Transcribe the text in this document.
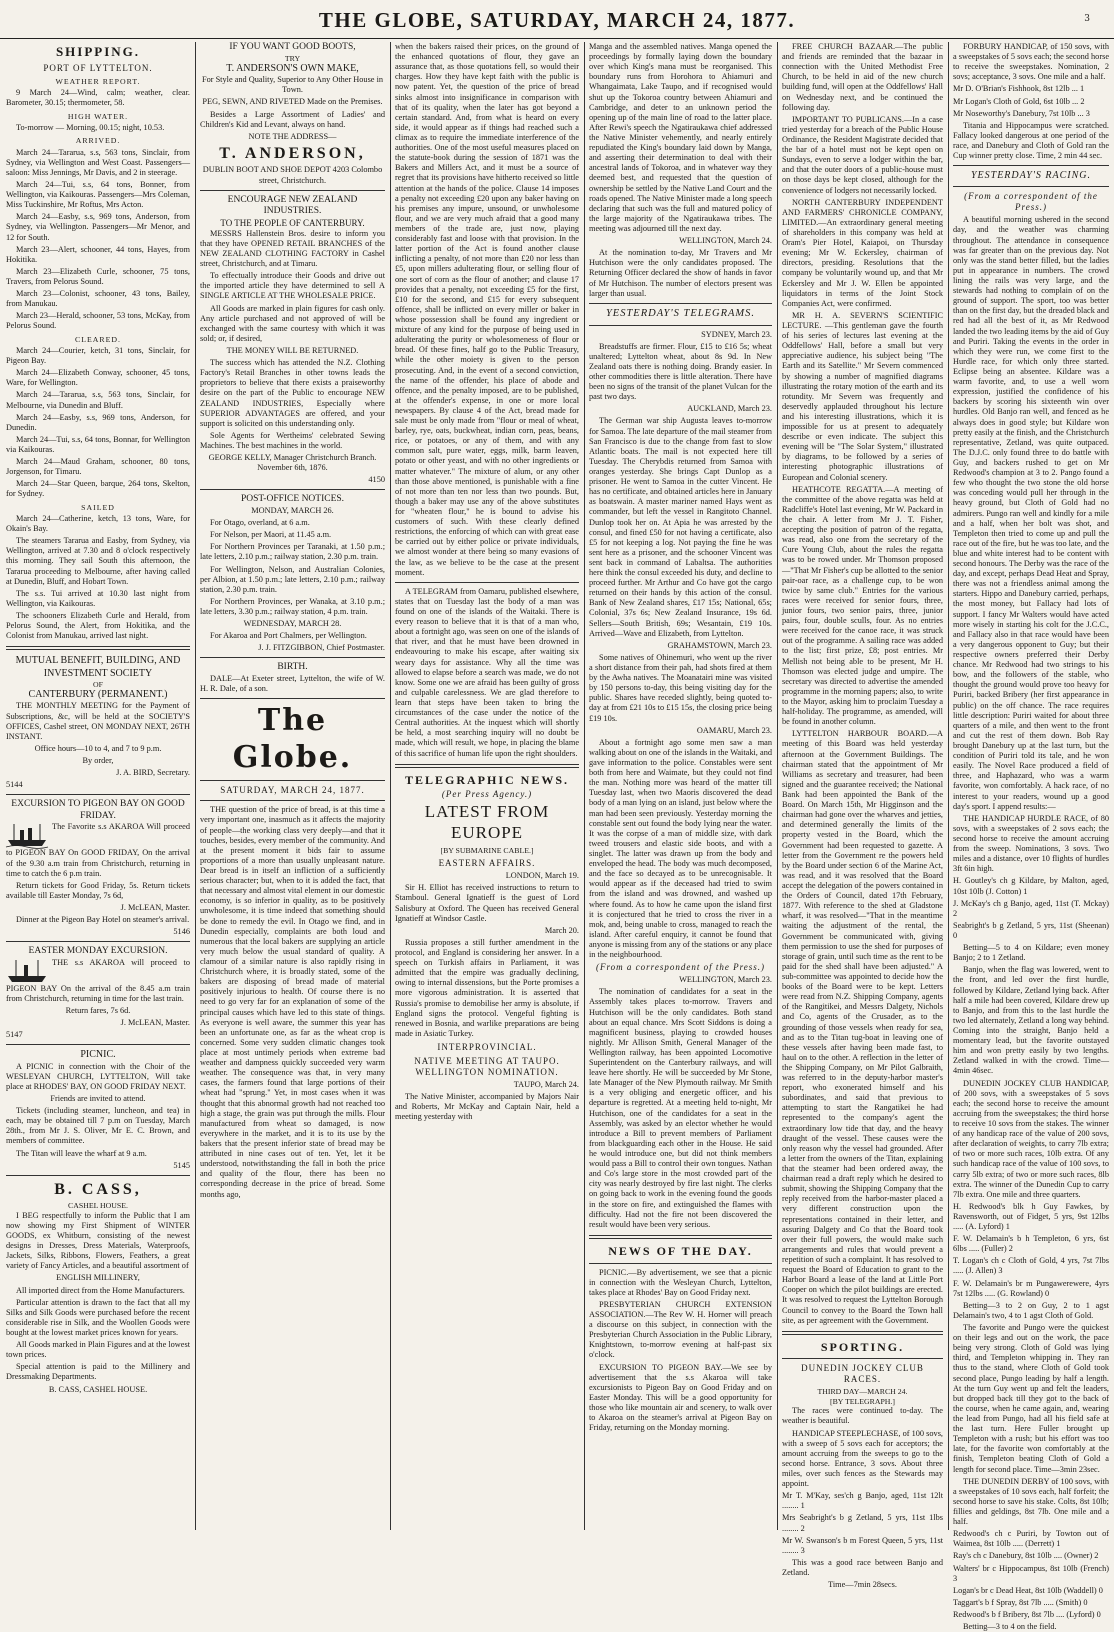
THE GLOBE, SATURDAY, MARCH 24, 1877.	3
SHIPPING.
PORT OF LYTTELTON.
WEATHER REPORT.

9 March 24—Wind, calm; weather, clear. Barometer, 30.15; thermometer, 58.

HIGH WATER.

To-morrow — Morning, 00.15; night, 10.53.

ARRIVED.

March 24—Tararua, s.s, 563 tons, Sinclair, from Sydney, via Wellington and West Coast. Passengers—saloon: Miss Jennings, Mr Davis, and 2 in steerage.

March 24—Tui, s.s, 64 tons, Bonner, from Wellington, via Kaikouras. Passengers—Mrs Coleman, Miss Tuckinshire, Mr Roftus, Mrs Acton.

March 24—Easby, s.s, 969 tons, Anderson, from Sydney, via Wellington. Passengers—Mr Menor, and 12 for South.

March 23—Alert, schooner, 44 tons, Hayes, from Hokitika.

March 23—Elizabeth Curle, schooner, 75 tons, Travers, from Pelorus Sound.

March 23—Colonist, schooner, 43 tons, Bailey, from Manukau.

March 23—Herald, schooner, 53 tons, McKay, from Pelorus Sound.

CLEARED.

March 24—Courier, ketch, 31 tons, Sinclair, for Pigeon Bay.

March 24—Elizabeth Conway, schooner, 45 tons, Ware, for Wellington.

March 24—Tararua, s.s, 563 tons, Sinclair, for Melbourne, via Dunedin and Bluff.

March 24—Easby, s.s, 969 tons, Anderson, for Dunedin.

March 24—Tui, s.s, 64 tons, Bonnar, for Wellington via Kaikouras.

March 24—Maud Graham, schooner, 80 tons, Jorgenson, for Timaru.

March 24—Star Queen, barque, 264 tons, Skelton, for Sydney.

SAILED

March 24—Catherine, ketch, 13 tons, Ware, for Okain's Bay.

The steamers Tararua and Easby, from Sydney, via Wellington, arrived at 7.30 and 8 o'clock respectively this morning. They sail South this afternoon, the Tararua proceeding to Melbourne, after having called at Dunedin, Bluff, and Hobart Town.

The s.s. Tui arrived at 10.30 last night from Wellington, via Kaikouras.

The schooners Elizabeth Curle and Herald, from Pelorus Sound, the Alert, from Hokitika, and the Colonist from Manukau, arrived last night.

MUTUAL BENEFIT, BUILDING, AND INVESTMENT SOCIETY
OF
CANTERBURY (PERMANENT.)

THE MONTHLY MEETING for the Payment of Subscriptions, &c, will be held at the SOCIETY'S OFFICES, Cashel street, ON MONDAY NEXT, 26TH INSTANT.

Office hours—10 to 4, and 7 to 9 p.m.

By order,

J. A. BIRD, Secretary.

5144

EXCURSION TO PIGEON BAY ON GOOD FRIDAY.

The Favorite s.s AKAROA Will proceed to PIGEON BAY On GOOD FRIDAY, On the arrival of the 9.30 a.m train from Christchurch, returning in time to catch the 6 p.m train.

Return tickets for Good Friday, 5s. Return tickets available till Easter Monday, 7s 6d,

J. McLEAN, Master.

Dinner at the Pigeon Bay Hotel on steamer's arrival.

5146

EASTER MONDAY EXCURSION.

THE s.s AKAROA will proceed to PIGEON BAY On the arrival of the 8.45 a.m train from Christchurch, returning in time for the last train.

Return fares, 7s 6d.

J. McLEAN, Master.

5147

PICNIC.

A PICNIC in connection with the Choir of the WESLEYAN CHURCH, LYTTELTON, Will take place at RHODES' BAY, ON GOOD FRIDAY NEXT.

Friends are invited to attend.

Tickets (including steamer, luncheon, and tea) in each, may be obtained till 7 p.m on Tuesday, March 28th., from Mr J. S. Oliver, Mr E. C. Brown, and members of committee.

The Titan will leave the wharf at 9 a.m.

5145

B. CASS,
CASHEL HOUSE.

I BEG respectfully to inform the Public that I am now showing my First Shipment of WINTER GOODS, ex Whitburn, consisting of the newest designs in Dresses, Dress Materials, Waterproofs, Jackets, Silks, Ribbons, Flowers, Feathers, a great variety of Fancy Articles, and a beautiful assortment of

ENGLISH MILLINERY,

All imported direct from the Home Manufacturers.

Particular attention is drawn to the fact that all my Silks and Silk Goods were purchased before the recent considerable rise in Silk, and the Woollen Goods were bought at the lowest market prices known for years.

All Goods marked in Plain Figures and at the lowest town prices.

Special attention is paid to the Millinery and Dressmaking Departments.

B. CASS, CASHEL HOUSE.

IF YOU WANT GOOD BOOTS,
TRY
T. ANDERSON'S OWN MAKE,

For Style and Quality, Superior to Any Other House in Town.

PEG, SEWN, AND RIVETED Made on the Premises.

Besides a Large Assortment of Ladies' and Children's Kid and Levant, always on hand.

NOTE THE ADDRESS—

T. ANDERSON,

DUBLIN BOOT AND SHOE DEPOT 4203 Colombo street, Christchurch.

ENCOURAGE NEW ZEALAND INDUSTRIES.
TO THE PEOPLE OF CANTERBURY.

MESSRS Hallenstein Bros. desire to inform you that they have OPENED RETAIL BRANCHES of the NEW ZEALAND CLOTHING FACTORY in Cashel street, Christchurch, and at Timaru.

To effectually introduce their Goods and drive out the imported article they have determined to sell A SINGLE ARTICLE AT THE WHOLESALE PRICE.

All Goods are marked in plain figures for cash only. Any article purchased and not approved of will be exchanged with the same courtesy with which it was sold; or, if desired,

THE MONEY WILL BE RETURNED.

The success which has attended the N.Z. Clothing Factory's Retail Branches in other towns leads the proprietors to believe that there exists a praiseworthy desire on the part of the Public to encourage NEW ZEALAND INDUSTRIES, Especially where SUPERIOR ADVANTAGES are offered, and your support is solicited on this understanding only.

Sole Agents for Wertheims' celebrated Sewing Machines. The best machines in the world.

GEORGE KELLY, Manager Christchurch Branch. November 6th, 1876.

4150

POST-OFFICE NOTICES.

MONDAY, MARCH 26.

For Otago, overland, at 6 a.m.

For Nelson, per Maori, at 11.45 a.m.

For Northern Provinces per Taranaki, at 1.50 p.m.; late letters, 2.10 p.m.; railway station, 2.30 p.m. train.

For Wellington, Nelson, and Australian Colonies, per Albion, at 1.50 p.m.; late letters, 2.10 p.m.; railway station, 2.30 p.m. train.

For Northern Provinces, per Wanaka, at 3.10 p.m.; late letters, 3.30 p.m.; railway station, 4 p.m. train.

WEDNESDAY, MARCH 28.

For Akaroa and Port Chalmers, per Wellington.

J. J. FITZGIBBON, Chief Postmaster.

BIRTH.

DALE—At Exeter street, Lyttelton, the wife of W. H. R. Dale, of a son.

The Globe.
SATURDAY, MARCH 24, 1877.

THE question of the price of bread, is at this time a very important one, inasmuch as it affects the majority of people—the working class very deeply—and that it touches, besides, every member of the community. And at the present moment it bids fair to assume proportions of a more than usually unpleasant nature. Dear bread is in itself an infliction of a sufficiently serious character; but, when to it is added the fact, that that necessary and almost vital element in our domestic economy, is so inferior in quality, as to be positively unwholesome, it is time indeed that something should be done to remedy the evil. In Otago we find, and in Dunedin especially, complaints are both loud and numerous that the local bakers are supplying an article very much below the usual standard of quality. A clamour of a similar nature is also rapidly rising in Christchurch where, it is broadly stated, some of the bakers are disposing of bread made of material positively injurious to health. Of course there is no need to go very far for an explanation of some of the principal causes which have led to this state of things. As everyone is well aware, the summer this year has been an unfortunate one, as far as the wheat crop is concerned. Some very sudden climatic changes took place at most untimely periods when extreme bad weather and dampness quickly succeeded very warm weather. The consequence was that, in very many cases, the farmers found that large portions of their wheat had "sprung." Yet, in most cases when it was thought that this abnormal growth had not reached too high a stage, the grain was put through the mills. Flour manufactured from wheat so damaged, is now everywhere in the market, and it is to its use by the bakers that the present inferior state of bread may be attributed in nine cases out of ten. Yet, let it be understood, notwithstanding the fall in both the price and quality of the flour, there has been no corresponding decrease in the price of bread. Some months ago,

when the bakers raised their prices, on the ground of the enhanced quotations of flour, they gave an assurance that, as those quotations fell, so would their charges. How they have kept faith with the public is now patent. Yet, the question of the price of bread sinks almost into insignificance in comparison with that of its quality, when the later has got beyond a certain standard. And, from what is heard on every side, it would appear as if things had reached such a climax as to require the immediate interference of the authorities. One of the most useful measures placed on the statute-book during the session of 1871 was the Bakers and Millers Act, and it must be a source of regret that its provisions have hitherto received so little attention at the hands of the police. Clause 14 imposes a penalty not exceeding £20 upon any baker having on his premises any impure, unsound, or unwholesome flour, and we are very much afraid that a good many members of the trade are, just now, playing considerably fast and loose with that provision. In the latter portion of the Act is found another clause inflicting a penalty, of not more than £20 nor less than £5, upon millers adulterating flour, or selling flour of one sort of corn as the flour of another; and clause 17 provides that a penalty, not exceeding £5 for the first, £10 for the second, and £15 for every subsequent offence, shall be inflicted on every miller or baker in whose possession shall be found any ingredient or mixture of any kind for the purpose of being used in adulterating the purity or wholesomeness of flour or bread. Of these fines, half go to the Public Treasury, while the other moiety is given to the person prosecuting. And, in the event of a second conviction, the name of the offender, his place of abode and offence, and the penalty imposed, are to be published, at the offender's expense, in one or more local newspapers. By clause 4 of the Act, bread made for sale must be only made from "flour or meal of wheat, barley, rye, oats, buckwheat, indian corn, peas, beans, rice, or potatoes, or any of them, and with any common salt, pure water, eggs, milk, barm leaven, potato or other yeast, and with no other ingredients or matter whatever." The mixture of alum, or any other than those above mentioned, is punishable with a fine of not more than ten nor less than two pounds. But, though a baker may use any of the above substitutes for "wheaten flour," he is bound to advise his customers of such. With these clearly defined restrictions, the enforcing of which can with great ease be carried out by either police or private individuals, we almost wonder at there being so many evasions of the law, as we believe to be the case at the present moment.

A TELEGRAM from Oamaru, published elsewhere, states that on Tuesday last the body of a man was found on one of the islands of the Waitaki. There is every reason to believe that it is that of a man who, about a fortnight ago, was seen on one of the islands of that river, and that he must have been drowned in endeavouring to make his escape, after waiting six weary days for assistance. Why all the time was allowed to elapse before a search was made, we do not know. Some one we are afraid has been guilty of gross and culpable carelessness. We are glad therefore to learn that steps have been taken to bring the circumstances of the case under the notice of the Central authorities. At the inquest which will shortly be held, a most searching inquiry will no doubt be made, which will result, we hope, in placing the blame of this sacrifice of human life upon the right shoulders.

TELEGRAPHIC NEWS.
(Per Press Agency.)
LATEST FROM EUROPE
[BY SUBMARINE CABLE.]
EASTERN AFFAIRS.

LONDON, March 19.

Sir H. Elliot has received instructions to return to Stamboul. General Ignatieff is the guest of Lord Salisbury at Oxford. The Queen has received General Ignatieff at Windsor Castle.

March 20.

Russia proposes a still further amendment in the protocol, and England is considering her answer. In a speech on Turkish affairs in Parliament, it was admitted that the empire was gradually declining, owing to internal dissensions, but the Porte promises a more vigorous administration. It is asserted that Russia's promise to demobilise her army is absolute, if England signs the protocol. Vengeful fighting is renewed in Bosnia, and warlike preparations are being made in Asiatic Turkey.

INTERPROVINCIAL.
NATIVE MEETING AT TAUPO. WELLINGTON NOMINATION.

TAUPO, March 24.

The Native Minister, accompanied by Majors Nair and Roberts, Mr McKay and Captain Nair, held a meeting yesterday with

Manga and the assembled natives. Manga opened the proceedings by formally laying down the boundary over which King's mana must be reorganised. This boundary runs from Horohora to Ahiamuri and Whangaimata, Lake Taupo, and if recognised would shut up the Tokoroa country between Ahiamuri and Cambridge, and deter to an unknown period the opening up of the main line of road to the latter place. After Rewi's speech the Ngatiraukawa chief addressed the Native Minister vehemently, and nearly entirely repudiated the King's boundary laid down by Manga, and asserting their determination to deal with their ancestral lands of Tokoroa, and in whatever way they deemed best, and requested that the question of ownership be settled by the Native Land Court and the roads opened. The Native Minister made a long speech declaring that such was the full and matured policy of the large majority of the Ngatiraukawa tribes. The meeting was adjourned till the next day.

WELLINGTON, March 24.

At the nomination to-day, Mr Travers and Mr Hutchison were the only candidates proposed. The Returning Officer declared the show of hands in favor of Mr Hutchison. The number of electors present was larger than usual.

YESTERDAY'S TELEGRAMS.

SYDNEY, March 23.

Breadstuffs are firmer. Flour, £15 to £16 5s; wheat unaltered; Lyttelton wheat, about 8s 9d. In New Zealand oats there is nothing doing. Brandy easier. In other commodities there is little alteration. There have been no signs of the transit of the planet Vulcan for the past two days.

AUCKLAND, March 23.

The German war ship Augusta leaves to-morrow for Samoa. The late departure of the mail steamer from San Francisco is due to the change from fast to slow Atlantic boats. The mail is not expected here till Tuesday. The Cherybdis returned from Samoa with oranges yesterday. She brings Capt Dunlop as a prisoner. He went to Samoa in the cutter Vincent. He has no certificate, and obtained articles here in January as boatswain. A master mariner named Hays went as commander, but left the vessel in Rangitoto Channel. Dunlop took her on. At Apia he was arrested by the consul, and fined £50 for not having a certificate, also £5 for not keeping a log. Not paying the fine he was sent here as a prisoner, and the schooner Vincent was sent back in command of Labaltsa. The authorities here think the consul exceeded his duty, and decline to proceed further. Mr Arthur and Co have got the cargo returned on their hands by this action of the consul. Bank of New Zealand shares, £17 15s; National, 65s; Colonial, 37s 6s; New Zealand Insurance, 19s 6d. Sellers—South British, 69s; Wesantain, £19 10s. Arrived—Wave and Elizabeth, from Lyttelton.

GRAHAMSTOWN, March 23.

Some natives of Ohinemuri, who went up the river a short distance from their pah, had shots fired at them by the Awha natives. The Moanatairi mine was visited by 150 persons to-day, this being visiting day for the public. Shares have receded slightly, being quoted to-day at from £21 10s to £15 15s, the closing price being £19 10s.

OAMARU, March 23.

About a fortnight ago some men saw a man walking about on one of the islands in the Waitaki, and gave information to the police. Constables were sent both from here and Waimate, but they could not find the man. Nothing more was heard of the matter till Tuesday last, when two Maoris discovered the dead body of a man lying on an island, just below where the man had been seen previously. Yesterday morning the constable sent out found the body lying near the water. It was the corpse of a man of middle size, with dark tweed trousers and elastic side boots, and with a singlet. The latter was drawn up from the body and enveloped the head. The body was much decomposed, and the face so decayed as to be unrecognisable. It would appear as if the deceased had tried to swim from the island and was drowned, and washed up where found. As to how he came upon the island first it is conjectured that he tried to cross the river in a mok, and, being unable to cross, managed to reach the island. After careful enquiry, it cannot be found that anyone is missing from any of the stations or any place in the neighbourhood.

(From a correspondent of the Press.)

WELLINGTON, March 23.

The nomination of candidates for a seat in the Assembly takes places to-morrow. Travers and Hutchison will be the only candidates. Both stand about an equal chance. Mrs Scott Siddons is doing a magnificent business, playing to crowded houses nightly. Mr Allison Smith, General Manager of the Wellington railway, has been appointed Locomotive Superintendent on the Canterbury railways, and will leave here shortly. He will be succeeded by Mr Stone, late Manager of the New Plymouth railway. Mr Smith is a very obliging and energetic officer, and his departure is regretted. At a meeting held to-night, Mr Hutchison, one of the candidates for a seat in the Assembly, was asked by an elector whether he would introduce a Bill to prevent members of Parliament from blackguarding each other in the House. He said he would introduce one, but did not think members would pass a Bill to control their own tongues. Nathan and Co's large store in the most crowded part of the city was nearly destroyed by fire last night. The clerks on going back to work in the evening found the goods in the store on fire, and extinguished the flames with difficulty. Had not the fire not been discovered the result would have been very serious.

NEWS OF THE DAY.

PICNIC.—By advertisement, we see that a picnic in connection with the Wesleyan Church, Lyttelton, takes place at Rhodes' Bay on Good Friday next.

PRESBYTERIAN CHURCH EXTENSION ASSOCIATION.—The Rev W. H. Horner will preach a discourse on this subject, in connection with the Presbyterian Church Association in the Public Library, Knightstown, to-morrow evening at half-past six o'clock.

EXCURSION TO PIGEON BAY.—We see by advertisement that the s.s Akaroa will take excursionists to Pigeon Bay on Good Friday and on Easter Monday. This will be a good opportunity for those who like mountain air and scenery, to walk over to Akaroa on the steamer's arrival at Pigeon Bay on Friday, returning on the Monday morning.

FREE CHURCH BAZAAR.—The public and friends are reminded that the bazaar in connection with the United Methodist Free Church, to be held in aid of the new church building fund, will open at the Oddfellows' Hall on Wednesday next, and be continued the following day.

IMPORTANT TO PUBLICANS.—In a case tried yesterday for a breach of the Public House Ordinance, the Resident Magistrate decided that the bar of a hotel must not be kept open on Sundays, even to serve a lodger within the bar, and that the outer doors of a public-house must on those days be kept closed, although for the convenience of lodgers not necessarily locked.

NORTH CANTERBURY INDEPENDENT AND FARMERS' CHRONICLE COMPANY, LIMITED.—An extraordinary general meeting of shareholders in this company was held at Oram's Pier Hotel, Kaiapoi, on Thursday evening; Mr W. Eckersley, chairman of directors, presiding. Resolutions that the company be voluntarily wound up, and that Mr Eckersley and Mr J. W. Ellen be appointed liquidators in terms of the Joint Stock Companies Act, were confirmed.

MR H. A. SEVERN'S SCIENTIFIC LECTURE. —This gentleman gave the fourth of his series of lectures last evening at the Oddfellows' Hall, before a small but very appreciative audience, his subject being "The Earth and its Satellite." Mr Severn commenced by showing a number of magnified diagrams illustrating the rotary motion of the earth and its rotundity. Mr Severn was frequently and deservedly applauded throughout his lecture and his interesting illustrations, which it is impossible for us at present to adequately describe or even indicate. The subject this evening will be "The Solar System," illustrated by diagrams, to be followed by a series of interesting photographic illustrations of European and Colonial scenery.

HEATHCOTE REGATTA.—A meeting of the committee of the above regatta was held at Radcliffe's Hotel last evening, Mr W. Packard in the chair. A letter from Mr J. T. Fisher, accepting the position of patron of the regatta, was read, also one from the secretary of the Cure Young Club, about the rules the regatta was to be rowed under. Mr Thomson proposed—"That Mr Fisher's cup be allotted to the senior pair-oar race, as a challenge cup, to be won twice by same club." Entries for the various races were received for senior fours, three, junior fours, two senior pairs, three, junior pairs, four, double sculls, four. As no entries were received for the canoe race, it was struck out of the programme. A sailing race was added to the list; first prize, £8; post entries. Mr Mellish not being able to be present, Mr H. Thomson was elected judge and umpire. The secretary was directed to advertise the amended programme in the morning papers; also, to write to the Mayor, asking him to proclaim Tuesday a half-holiday. The programme, as amended, will be found in another column.

LYTTELTON HARBOUR BOARD.—A meeting of this Board was held yesterday afternoon at the Government Buildings. The chairman stated that the appointment of Mr Williams as secretary and treasurer, had been signed and the guarantee received; the National Bank had been appointed the Bank of the Board. On March 15th, Mr Higginson and the chairman had gone over the wharves and jetties, and determined generally the limits of the property vested in the Board, which the Government had been requested to gazette. A letter from the Government re the powers held by the Board under section 6 of the Marine Act, was read, and it was resolved that the Board accept the delegation of the powers contained in the Orders of Council, dated 17th February, 1877. With reference to the shed at Gladstone wharf, it was resolved—"That in the meantime waiting the adjustment of the rental, the Government be communicated with, giving them permission to use the shed for purposes of storage of grain, until such time as the rent to be paid for the shed shall have been adjusted." A sub-committee was appointed to decide how the books of the Board were to be kept. Letters were read from N.Z. Shipping Company, agents of the Rangitikei, and Messrs Dalgety, Nichols and Co, agents of the Crusader, as to the grounding of those vessels when ready for sea, and as to the Titan tug-boat in leaving one of these vessels after having been made fast, to haul on to the other. A reflection in the letter of the Shipping Company, on Mr Pilot Galbraith, was referred to in the deputy-harbor master's report, who exonerated himself and his subordinates, and said that previous to attempting to start the Rangatikei he had represented to the company's agent the extraordinary low tide that day, and the heavy draught of the vessel. These causes were the only reason why the vessel had grounded. After a letter from the owners of the Titan, explaining that the steamer had been ordered away, the chairman read a draft reply which he desired to submit, showing the Shipping Company that the reply received from the harbor-master placed a very different construction upon the representations contained in their letter, and assuring Dalgety and Co that the Board took over their full powers, the would make such arrangements and rules that would prevent a repetition of such a complaint. It has resolved to request the Board of Education to grant to the Harbor Board a lease of the land at Little Port Cooper on which the pilot buildings are erected. It was resolved to request the Lyttelton Borough Council to convey to the Board the Town hall site, as per agreement with the Government.

SPORTING.
DUNEDIN JOCKEY CLUB RACES.
THIRD DAY—MARCH 24.
[BY TELEGRAPH.]

The races were continued to-day. The weather is beautiful.

HANDICAP STEEPLECHASE, of 100 sovs, with a sweep of 5 sovs each for acceptors; the amount accruing from the sweeps to go to the second horse. Entrance, 3 sovs. About three miles, over such fences as the Stewards may appoint.

Mr T. M'Kay, ses'ch g Banjo, aged, 11st 12lt ........ 1

Mrs Seabright's b g Zetland, 5 yrs, 11st 1lbs ........ 2

Mr W. Swanson's b m Forest Queen, 5 yrs, 11st ........ 3

This was a good race between Banjo and Zetland.

Time—7min 28secs.

FORBURY HANDICAP, of 150 sovs, with a sweepstakes of 5 sovs each; the second horse to receive the sweepstakes. Nomination, 2 sovs; acceptance, 3 sovs. One mile and a half.

Mr D. O'Brian's Fishhook, 8st 12lb ... 1

Mr Logan's Cloth of Gold, 6st 10lb ... 2

Mr Noseworthy's Danebury, 7st 10lb ... 3

Titania and Hippocampus were scratched. Fallacy looked dangerous at one period of the race, and Danebury and Cloth of Gold ran the Cup winner pretty close. Time, 2 min 44 sec.

YESTERDAY'S RACING.
(From a correspondent of the Press.)

A beautiful morning ushered in the second day, and the weather was charming throughout. The attendance in consequence was far greater than on the previous day. Not only was the stand better filled, but the ladies put in appearance in numbers. The crowd lining the rails was very large, and the stewards had nothing to complain of on the ground of support. The sport, too was better than on the first day, but the dreaded black and red had all the best of it, as Mr Redwood landed the two leading items by the aid of Guy and Puriri. Taking the events in the order in which they were run, we come first to the Hurdle race, for which only three started. Eclipse being an absentee. Kildare was a warm favorite, and, to use a well worn expression, justified the confidence of his backers by scoring his sixteenth win over hurdles. Old Banjo ran well, and fenced as he always does in good style; but Kildare won pretty easily at the finish, and the Christchurch representative, Zetland, was quite outpaced. The D.J.C. only found three to do battle with Guy, and backers rushed to get on Mr Redwood's champion at 3 to 2. Pango found a few who thought the two stone the old horse was conceding would pull her through in the heavy ground, but Cloth of Gold had no admirers. Pungo ran well and kindly for a mile and a half, when her bolt was shot, and Templeton then tried to come up and pull the race out of the fire, but he was too late, and the blue and white interest had to be content with second honours. The Derby was the race of the day, and except, perhaps Dead Heat and Spray, there was not a friendless animal among the starters. Hippo and Danebury carried, perhaps, the most money, but Fallacy had lots of support. I fancy Mr Walters would have acted more wisely in starting his colt for the J.C.C., and Fallacy also in that race would have been a very dangerous opponent to Guy; but their respective owners preferred their Derby chance. Mr Redwood had two strings to his bow, and the followers of the stable, who thought the ground would prove too heavy for Puriri, backed Bribery (her first appearance in public) on the off chance. The race requires little description: Puriri waited for about three quarters of a mile, and then went to the front and cut the rest of them down. Bob Ray brought Danebury up at the last turn, but the condition of Puriri told its tale, and he won easily. The Novel Race produced a field of three, and Haphazard, who was a warm favorite, won comfortably. A hack race, of no interest to your readers, wound up a good day's sport. I append results:—

THE HANDICAP HURDLE RACE, of 80 sovs, with a sweepstakes of 2 sovs each; the second horse to receive the amount accruing from the sweep. Nominations, 3 sovs. Two miles and a distance, over 10 flights of hurdles 3ft 6in high.

H. Goutley's ch g Kildare, by Malton, aged, 10st 10lb (J. Cotton) 1

J. McKay's ch g Banjo, aged, 11st (T. Mckay) 2

Seabright's b g Zetland, 5 yrs, 11st (Sheenan) 0

Betting—5 to 4 on Kildare; even money Banjo; 2 to 1 Zetland.

Banjo, when the flag was lowered, went to the front, and led over the first hurdle, followed by Kildare, Zetland lying back. After half a mile had been covered, Kildare drew up to Banjo, and from this to the last hurdle the two led alternately, Zetland a long way behind. Coming into the straight, Banjo held a momentary lead, but the favorite outstayed him and won pretty easily by two lengths. Zetland walked in with the crowd. Time—4min 46sec.

DUNEDIN JOCKEY CLUB HANDICAP, of 200 sovs, with a sweepstakes of 5 sovs each; the second horse to receive the amount accruing from the sweepstakes; the third horse to receive 10 sovs from the stakes. The winner of any handicap race of the value of 200 sovs, after declaration of weights, to carry 7lb extra; of two or more such races, 10lb extra. Of any such handicap race of the value of 100 sovs, to carry 5lb extra; of two or more such races, 8lb extra. The winner of the Dunedin Cup to carry 7lb extra. One mile and three quarters.

H. Redwood's blk h Guy Fawkes, by Ravensworth, out of Fidget, 5 yrs, 9st 12lbs ..... (A. Lyford) 1

F. W. Delamain's b h Templeton, 6 yrs, 6st 6lbs ..... (Fuller) 2

T. Logan's ch c Cloth of Gold, 4 yrs, 7st 7lbs ..... (J. Allen) 3

F. W. Delamain's br m Pungawerewere, 4yrs 7st 12lbs ..... (G. Rowland) 0

Betting—3 to 2 on Guy, 2 to 1 agst Delamain's two, 4 to 1 agst Cloth of Gold.

The favorite and Pungo were the quickest on their legs and out on the work, the pace being very strong. Cloth of Gold was lying third, and Templeton whipping in. They ran thus to the stand, where Cloth of Gold took second place, Pungo leading by half a length. At the turn Guy went up and felt the leaders, but dropped back till they got to the back of the course, when he came again, and, wearing the lead from Pungo, had all his field safe at the last turn. Here Fuller brought up Templeton with a rush; but his effort was too late, for the favorite won comfortably at the finish, Templeton beating Cloth of Gold a length for second place. Time—3min 23sec.

THE DUNEDIN DERBY of 100 sovs, with a sweepstakes of 10 sovs each, half forfeit; the second horse to save his stake. Colts, 8st 10lb; fillies and geldings, 8st 7lb. One mile and a half.

Redwood's ch c Puriri, by Towton out of Waimea, 8st 10lb ..... (Derrett) 1

Ray's ch c Danebury, 8st 10lb .... (Owner) 2

Walters' br c Hippocampus, 8st 10lb (French) 3

Logan's br c Dead Heat, 8st 10lb (Waddell) 0

Taggart's b f Spray, 8st 7lb ..... (Smith) 0

Redwood's b f Bribery, 8st 7lb .... (Lyford) 0

Betting—3 to 4 on the field.
